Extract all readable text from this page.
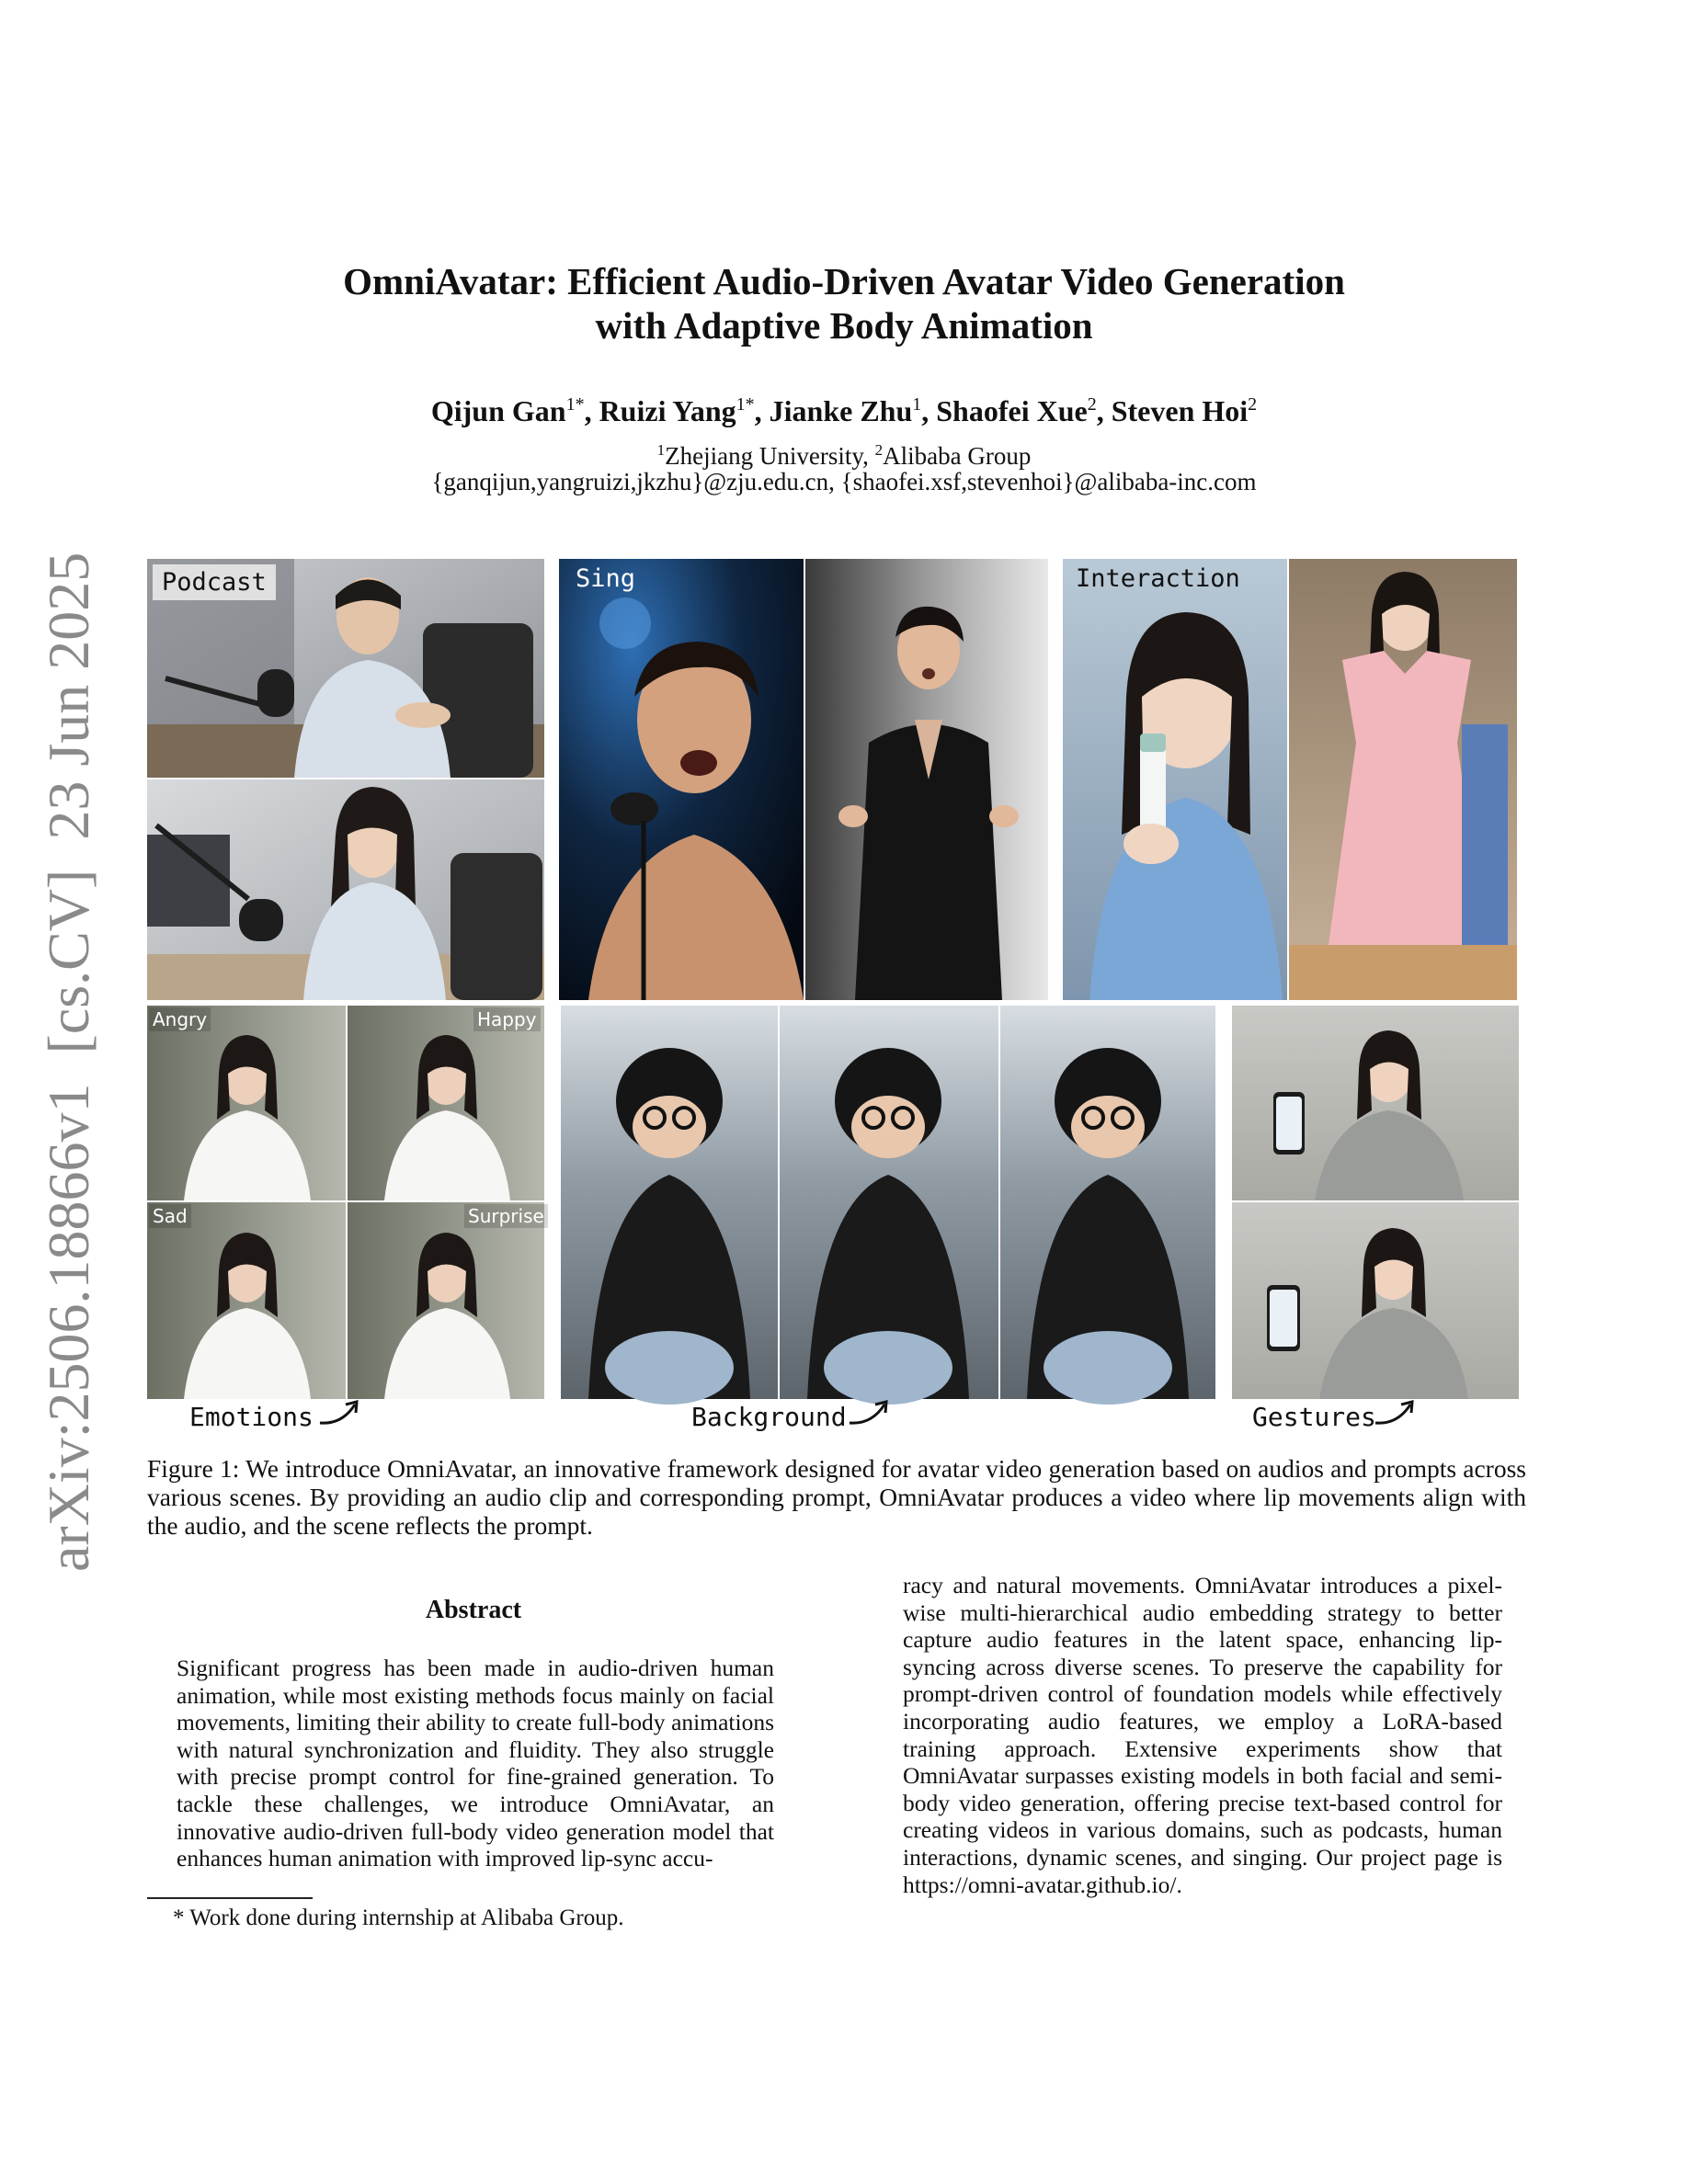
arXiv:2506.18866v1  [cs.CV]  23 Jun 2025
OmniAvatar: Efficient Audio-Driven Avatar Video Generation
with Adaptive Body Animation
Qijun Gan$^{1*}$, Ruizi Yang$^{1*}$, Jianke Zhu$^1$, Shaofei Xue$^2$, Steven Hoi$^2$
$^1$Zhejiang University, $^2$Alibaba Group
{ganqijun,yangruizi,jkzhu}@zju.edu.cn, {shaofei.xsf,stevenhoi}@alibaba-inc.com
Podcast	Sing	Interaction
Angry	Happy
Sad	Surprise
Emotions	Background	Gestures
Figure 1: We introduce OmniAvatar, an innovative framework designed for avatar video generation based on audios and prompts across various scenes. By providing an audio clip and corresponding prompt, OmniAvatar produces a video where lip movements align with the audio, and the scene reflects the prompt.
Abstract
Significant progress has been made in audio-driven human animation, while most existing methods focus mainly on facial movements, limiting their ability to create full-body animations with natural synchronization and fluidity. They also struggle with precise prompt control for fine-grained generation. To tackle these challenges, we introduce OmniAvatar, an innovative audio-driven full-body video generation model that enhances human animation with improved lip-sync accu-
racy and natural movements. OmniAvatar introduces a pixel-wise multi-hierarchical audio embedding strategy to better capture audio features in the latent space, enhancing lip-syncing across diverse scenes. To preserve the capability for prompt-driven control of foundation models while effectively incorporating audio features, we employ a LoRA-based training approach. Extensive experiments show that OmniAvatar surpasses existing models in both facial and semi-body video generation, offering precise text-based control for creating videos in various domains, such as podcasts, human interactions, dynamic scenes, and singing. Our project page is https://omni-avatar.github.io/.
* Work done during internship at Alibaba Group.
